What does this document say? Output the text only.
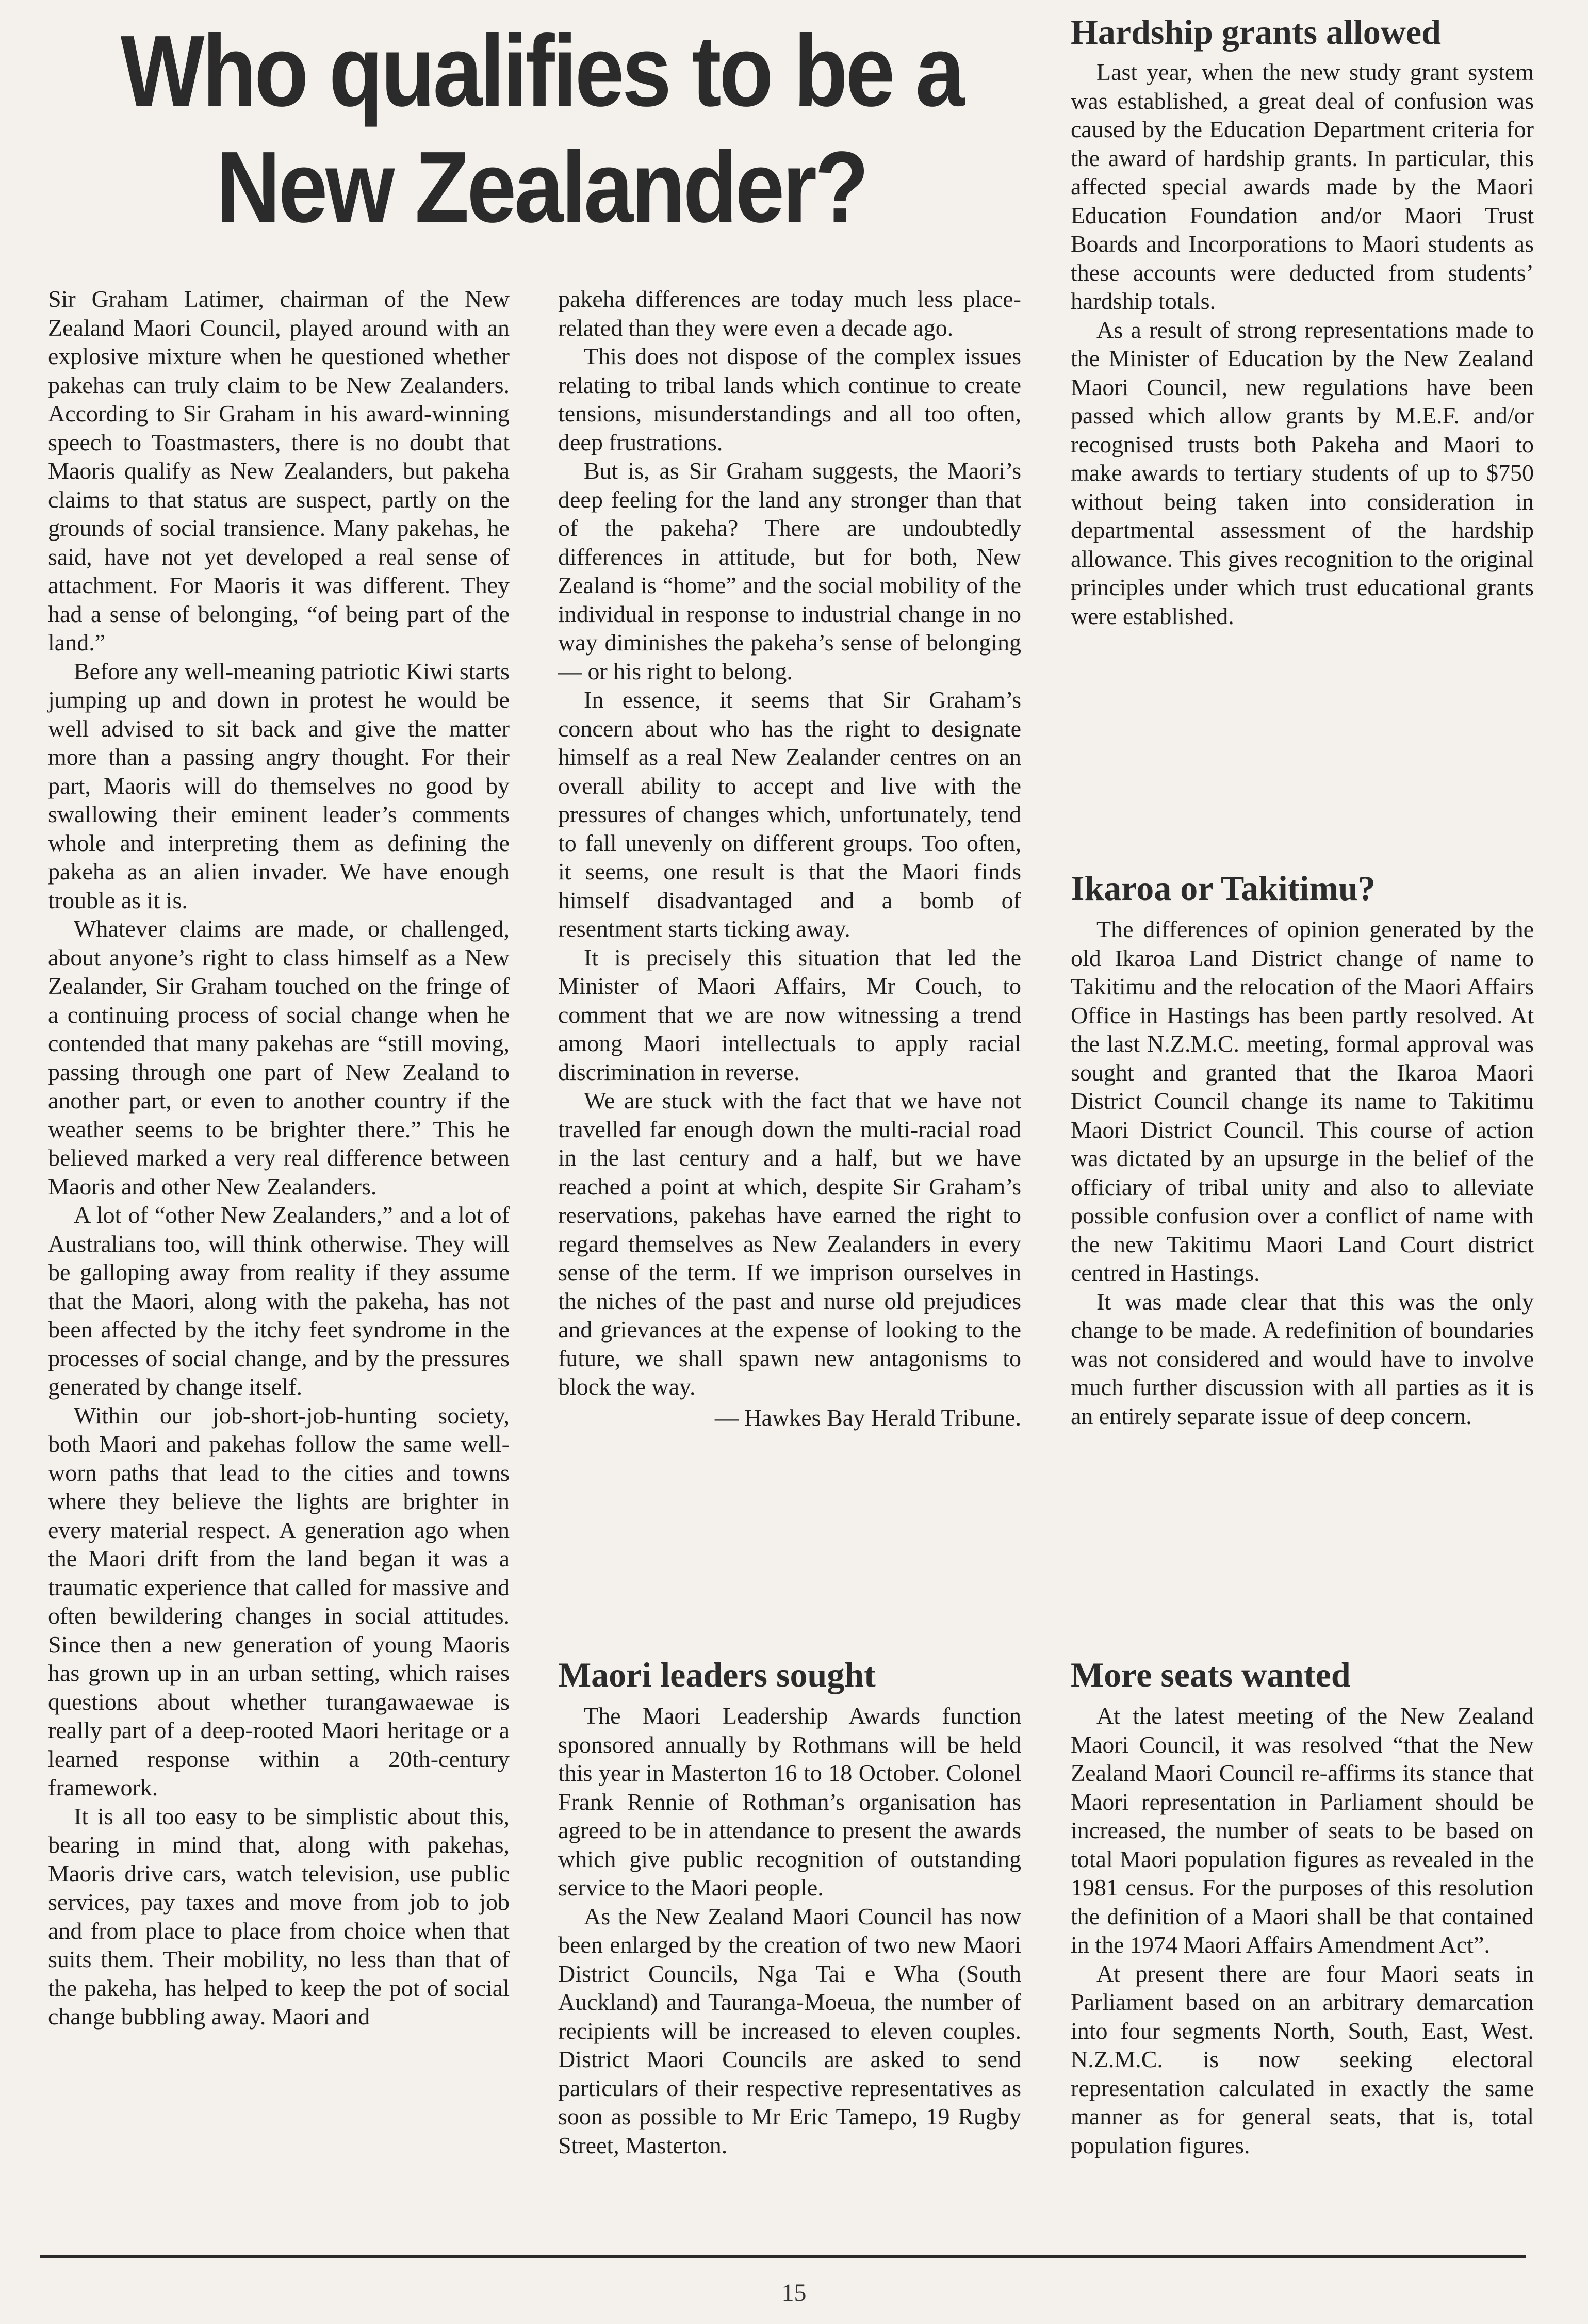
Who qualifies to be a New Zealander?

Sir Graham Latimer, chairman of the New Zealand Maori Council, played around with an explosive mixture when he questioned whether pakehas can truly claim to be New Zealanders. According to Sir Graham in his award-winning speech to Toastmasters, there is no doubt that Maoris qualify as New Zealanders, but pakeha claims to that status are suspect, partly on the grounds of social transience. Many pakehas, he said, have not yet developed a real sense of attachment. For Maoris it was different. They had a sense of belonging, “of being part of the land.”

Before any well-meaning patriotic Kiwi starts jumping up and down in protest he would be well advised to sit back and give the matter more than a passing angry thought. For their part, Maoris will do themselves no good by swallowing their eminent leader’s comments whole and interpreting them as defining the pakeha as an alien invader. We have enough trouble as it is.

Whatever claims are made, or challenged, about anyone’s right to class himself as a New Zealander, Sir Graham touched on the fringe of a continuing process of social change when he contended that many pakehas are “still moving, passing through one part of New Zealand to another part, or even to another country if the weather seems to be brighter there.” This he believed marked a very real difference between Maoris and other New Zealanders.

A lot of “other New Zealanders,” and a lot of Australians too, will think otherwise. They will be galloping away from reality if they assume that the Maori, along with the pakeha, has not been affected by the itchy feet syndrome in the processes of social change, and by the pressures generated by change itself.

Within our job-short-job-hunting society, both Maori and pakehas follow the same well-worn paths that lead to the cities and towns where they believe the lights are brighter in every material respect. A generation ago when the Maori drift from the land began it was a traumatic experience that called for massive and often bewildering changes in social attitudes. Since then a new generation of young Maoris has grown up in an urban setting, which raises questions about whether turangawaewae is really part of a deep-rooted Maori heritage or a learned response within a 20th-century framework.

It is all too easy to be simplistic about this, bearing in mind that, along with pakehas, Maoris drive cars, watch television, use public services, pay taxes and move from job to job and from place to place from choice when that suits them. Their mobility, no less than that of the pakeha, has helped to keep the pot of social change bubbling away. Maori and

pakeha differences are today much less place-related than they were even a decade ago.

This does not dispose of the complex issues relating to tribal lands which continue to create tensions, misunderstandings and all too often, deep frustrations.

But is, as Sir Graham suggests, the Maori’s deep feeling for the land any stronger than that of the pakeha? There are undoubtedly differences in attitude, but for both, New Zealand is “home” and the social mobility of the individual in response to industrial change in no way diminishes the pakeha’s sense of belonging — or his right to belong.

In essence, it seems that Sir Graham’s concern about who has the right to designate himself as a real New Zealander centres on an overall ability to accept and live with the pressures of changes which, unfortunately, tend to fall unevenly on different groups. Too often, it seems, one result is that the Maori finds himself disadvantaged and a bomb of resentment starts ticking away.

It is precisely this situation that led the Minister of Maori Affairs, Mr Couch, to comment that we are now witnessing a trend among Maori intellectuals to apply racial discrimination in reverse.

We are stuck with the fact that we have not travelled far enough down the multi-racial road in the last century and a half, but we have reached a point at which, despite Sir Graham’s reservations, pakehas have earned the right to regard themselves as New Zealanders in every sense of the term. If we imprison ourselves in the niches of the past and nurse old prejudices and grievances at the expense of looking to the future, we shall spawn new antagonisms to block the way.

— Hawkes Bay Herald Tribune.

Maori leaders sought

The Maori Leadership Awards function sponsored annually by Rothmans will be held this year in Masterton 16 to 18 October. Colonel Frank Rennie of Rothman’s organisation has agreed to be in attendance to present the awards which give public recognition of outstanding service to the Maori people.

As the New Zealand Maori Council has now been enlarged by the creation of two new Maori District Councils, Nga Tai e Wha (South Auckland) and Tauranga-Moeua, the number of recipients will be increased to eleven couples. District Maori Councils are asked to send particulars of their respective representatives as soon as possible to Mr Eric Tamepo, 19 Rugby Street, Masterton.

Hardship grants allowed

Last year, when the new study grant system was established, a great deal of confusion was caused by the Education Department criteria for the award of hardship grants. In particular, this affected special awards made by the Maori Education Foundation and/or Maori Trust Boards and Incorporations to Maori students as these accounts were deducted from students’ hardship totals.

As a result of strong representations made to the Minister of Education by the New Zealand Maori Council, new regulations have been passed which allow grants by M.E.F. and/or recognised trusts both Pakeha and Maori to make awards to tertiary students of up to $750 without being taken into consideration in departmental assessment of the hardship allowance. This gives recognition to the original principles under which trust educational grants were established.

Ikaroa or Takitimu?

The differences of opinion generated by the old Ikaroa Land District change of name to Takitimu and the relocation of the Maori Affairs Office in Hastings has been partly resolved. At the last N.Z.M.C. meeting, formal approval was sought and granted that the Ikaroa Maori District Council change its name to Takitimu Maori District Council. This course of action was dictated by an upsurge in the belief of the officiary of tribal unity and also to alleviate possible confusion over a conflict of name with the new Takitimu Maori Land Court district centred in Hastings.

It was made clear that this was the only change to be made. A redefinition of boundaries was not considered and would have to involve much further discussion with all parties as it is an entirely separate issue of deep concern.

More seats wanted

At the latest meeting of the New Zealand Maori Council, it was resolved “that the New Zealand Maori Council re-affirms its stance that Maori representation in Parliament should be increased, the number of seats to be based on total Maori population figures as revealed in the 1981 census. For the purposes of this resolution the definition of a Maori shall be that contained in the 1974 Maori Affairs Amendment Act”.

At present there are four Maori seats in Parliament based on an arbitrary demarcation into four segments North, South, East, West. N.Z.M.C. is now seeking electoral representation calculated in exactly the same manner as for general seats, that is, total population figures.

15
